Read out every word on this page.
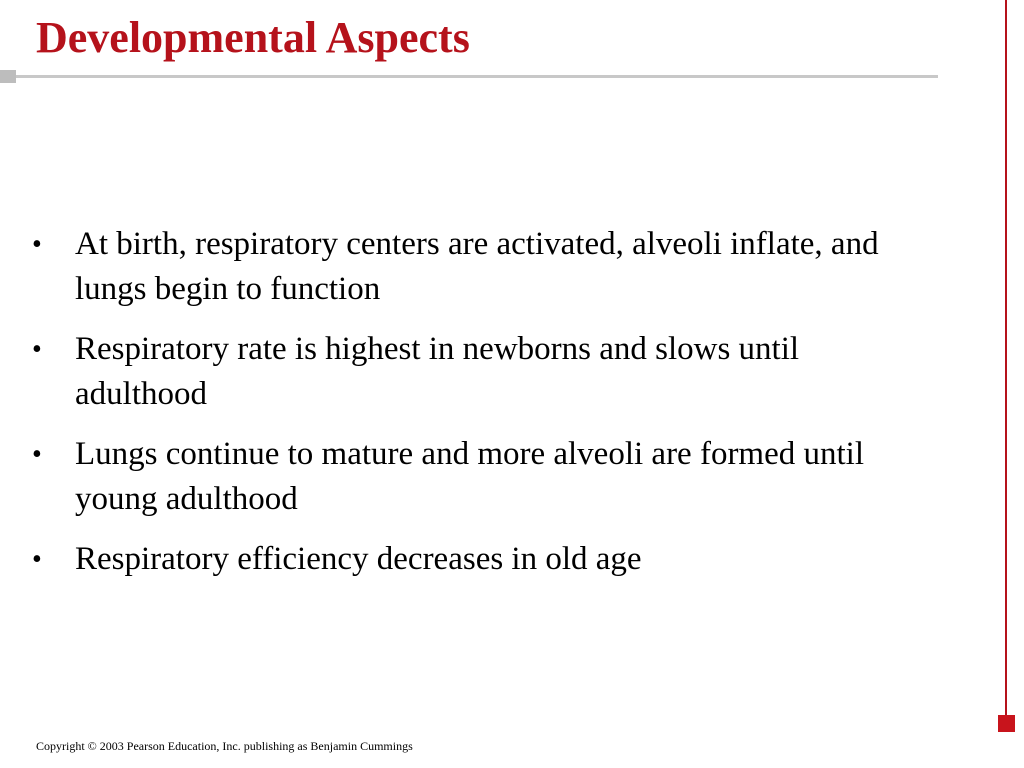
Developmental Aspects
• At birth, respiratory centers are activated, alveoli inflate, and lungs begin to function
• Respiratory rate is highest in newborns and slows until adulthood
• Lungs continue to mature and more alveoli are formed until young adulthood
• Respiratory efficiency decreases in old age

Copyright © 2003 Pearson Education, Inc. publishing as Benjamin Cummings
